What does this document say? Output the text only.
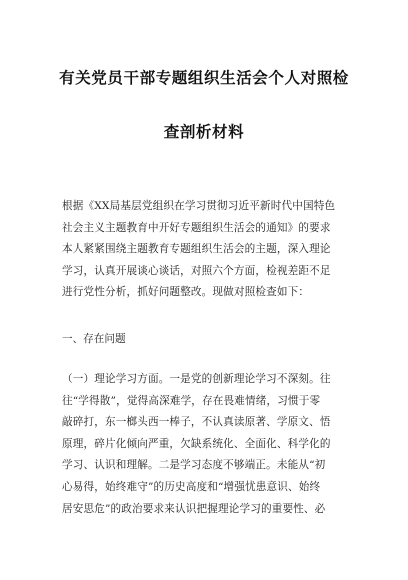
有关党员干部专题组织生活会个人对照检
查剖析材料
根据《XX局基层党组织在学习贯彻习近平新时代中国特色
社会主义主题教育中开好专题组织生活会的通知》的要求
本人紧紧围绕主题教育专题组织生活会的主题，深入理论
学习，认真开展谈心谈话，对照六个方面，检视差距不足
进行党性分析，抓好问题整改。现做对照检查如下：
一、存在问题
（一）理论学习方面。一是党的创新理论学习不深刻。往
往“学得散”，觉得高深难学，存在畏难情绪，习惯于零
敲碎打，东一榔头西一棒子，不认真读原著、学原文、悟
原理，碎片化倾向严重，欠缺系统化、全面化、科学化的
学习、认识和理解。二是学习态度不够端正。未能从“初
心易得，始终难守”的历史高度和“增强忧患意识、始终
居安思危”的政治要求来认识把握理论学习的重要性、必
